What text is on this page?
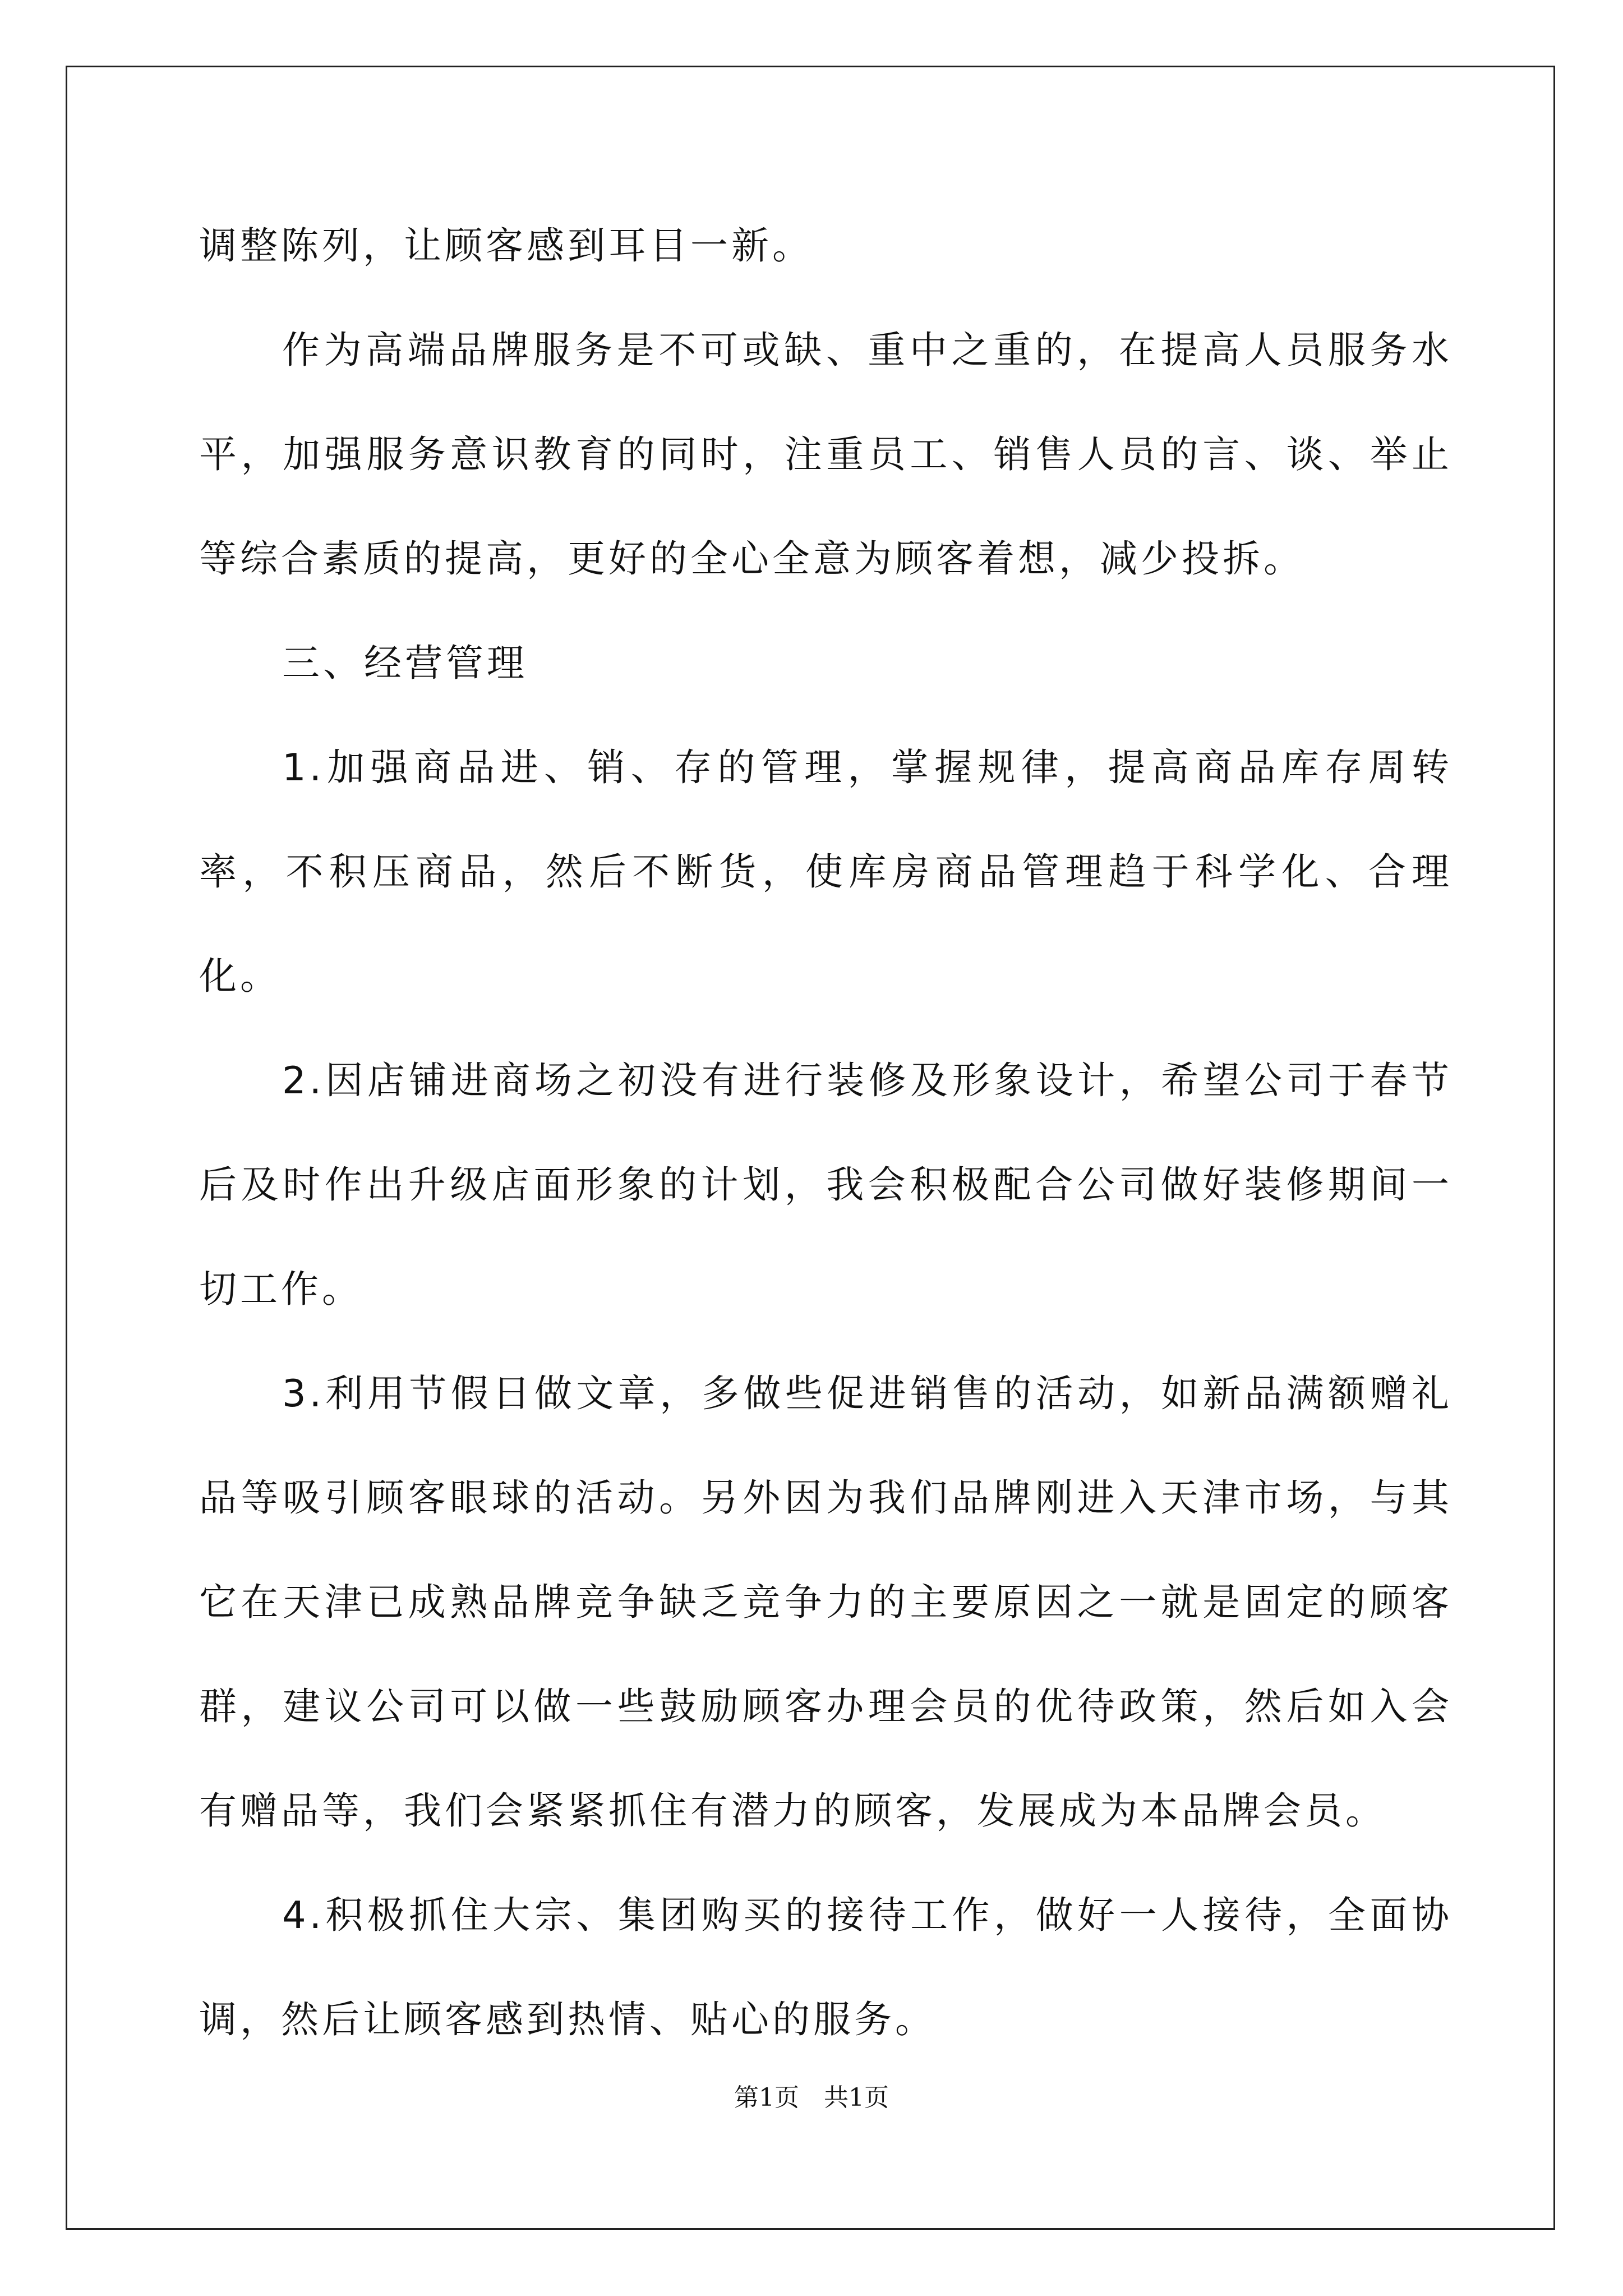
调整陈列，让顾客感到耳目一新。

作为高端品牌服务是不可或缺、重中之重的，在提高人员服务水平，加强服务意识教育的同时，注重员工、销售人员的言、谈、举止等综合素质的提高，更好的全心全意为顾客着想，减少投拆。

三、经营管理

1.加强商品进、销、存的管理，掌握规律，提高商品库存周转率，不积压商品，然后不断货，使库房商品管理趋于科学化、合理化。

2.因店铺进商场之初没有进行装修及形象设计，希望公司于春节后及时作出升级店面形象的计划，我会积极配合公司做好装修期间一切工作。

3.利用节假日做文章，多做些促进销售的活动，如新品满额赠礼品等吸引顾客眼球的活动。另外因为我们品牌刚进入天津市场，与其它在天津已成熟品牌竞争缺乏竞争力的主要原因之一就是固定的顾客群，建议公司可以做一些鼓励顾客办理会员的优待政策，然后如入会有赠品等，我们会紧紧抓住有潜力的顾客，发展成为本品牌会员。

4.积极抓住大宗、集团购买的接待工作，做好一人接待，全面协调，然后让顾客感到热情、贴心的服务。

第1页　共1页
